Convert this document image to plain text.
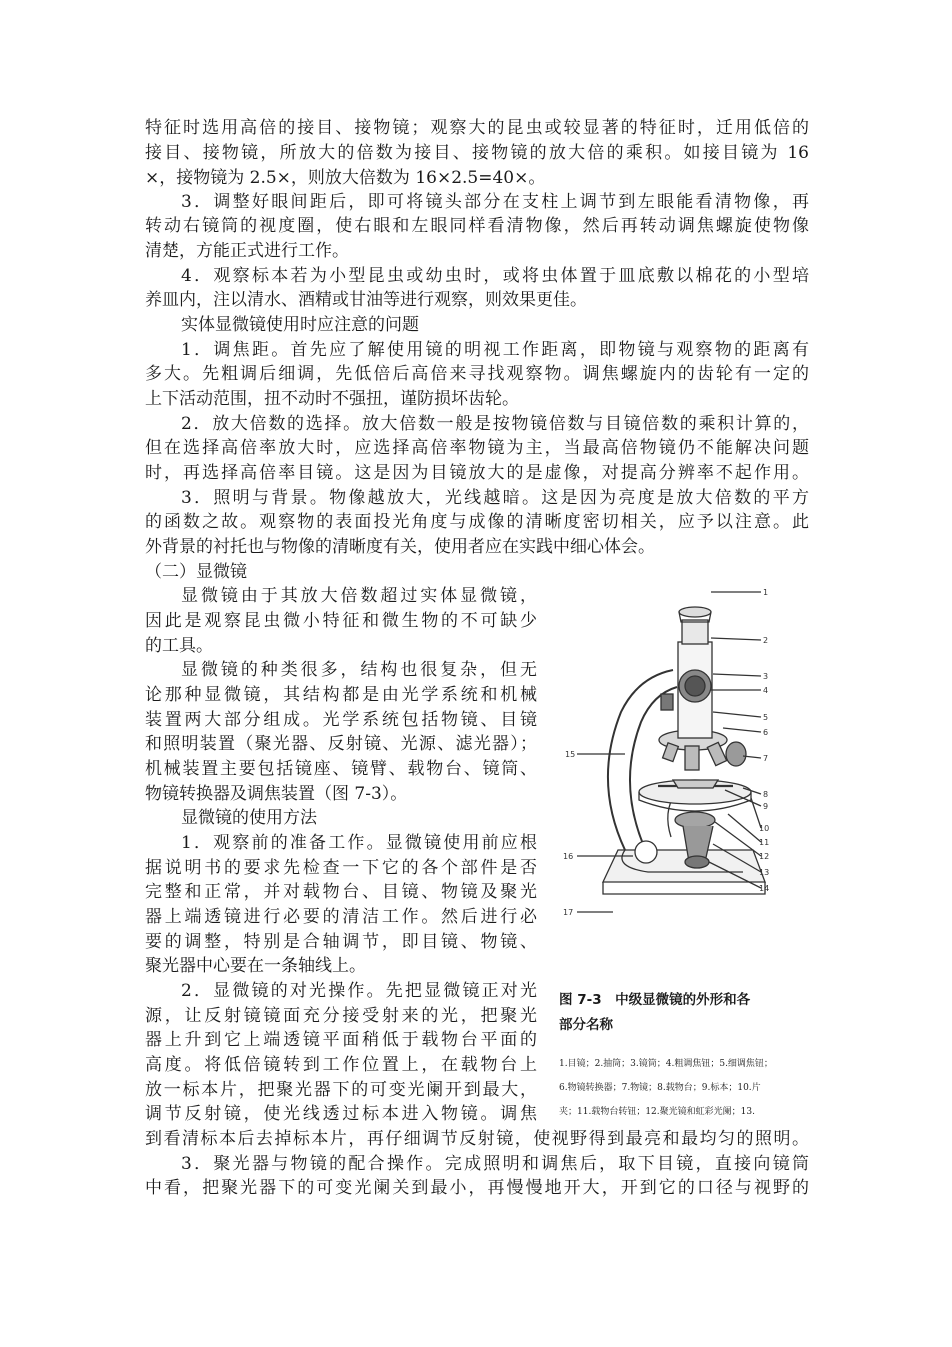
特征时选用高倍的接目、接物镜；观察大的昆虫或较显著的特征时，迁用低倍的
接目、接物镜，所放大的倍数为接目、接物镜的放大倍的乘积。如接目镜为 16
×，接物镜为 2.5×，则放大倍数为 16×2.5=40×。
3．调整好眼间距后，即可将镜头部分在支柱上调节到左眼能看清物像，再
转动右镜筒的视度圈，使右眼和左眼同样看清物像，然后再转动调焦螺旋使物像
清楚，方能正式进行工作。
4．观察标本若为小型昆虫或幼虫时，或将虫体置于皿底敷以棉花的小型培
养皿内，注以清水、酒精或甘油等进行观察，则效果更佳。
实体显微镜使用时应注意的问题
1．调焦距。首先应了解使用镜的明视工作距离，即物镜与观察物的距离有
多大。先粗调后细调，先低倍后高倍来寻找观察物。调焦螺旋内的齿轮有一定的
上下活动范围，扭不动时不强扭，谨防损坏齿轮。
2．放大倍数的选择。放大倍数一般是按物镜倍数与目镜倍数的乘积计算的，
但在选择高倍率放大时，应选择高倍率物镜为主，当最高倍物镜仍不能解决问题
时，再选择高倍率目镜。这是因为目镜放大的是虚像，对提高分辨率不起作用。
3．照明与背景。物像越放大，光线越暗。这是因为亮度是放大倍数的平方
的函数之故。观察物的表面投光角度与成像的清晰度密切相关，应予以注意。此
外背景的衬托也与物像的清晰度有关，使用者应在实践中细心体会。
（二）显微镜
显微镜由于其放大倍数超过实体显微镜，
因此是观察昆虫微小特征和微生物的不可缺少
的工具。
显微镜的种类很多，结构也很复杂，但无
论那种显微镜，其结构都是由光学系统和机械
装置两大部分组成。光学系统包括物镜、目镜
和照明装置（聚光器、反射镜、光源、滤光器）；
机械装置主要包括镜座、镜臂、载物台、镜筒、
物镜转换器及调焦装置（图 7-3）。
显微镜的使用方法
1．观察前的准备工作。显微镜使用前应根
据说明书的要求先检查一下它的各个部件是否
完整和正常，并对载物台、目镜、物镜及聚光
器上端透镜进行必要的清洁工作。然后进行必
要的调整，特别是合轴调节，即目镜、物镜、
聚光器中心要在一条轴线上。
2．显微镜的对光操作。先把显微镜正对光
源，让反射镜镜面充分接受射来的光，把聚光
器上升到它上端透镜平面稍低于载物台平面的
高度。将低倍镜转到工作位置上，在载物台上
放一标本片，把聚光器下的可变光阑开到最大，
调节反射镜，使光线透过标本进入物镜。调焦
到看清标本后去掉标本片，再仔细调节反射镜，使视野得到最亮和最均匀的照明。
3．聚光器与物镜的配合操作。完成照明和调焦后，取下目镜，直接向镜筒
中看，把聚光器下的可变光阑关到最小，再慢慢地开大，开到它的口径与视野的
1
2
3
4
5
6
7
8
9
10
11
12
13
14
15
16
17
图 7-3　中级显微镜的外形和各
部分名称
1.目镜；2.抽筒；3.镜筒；4.粗调焦钮；5.细调焦钮；
6.物镜转换器；7.物镜；8.载物台；9.标本；10.片
夹；11.载物台转钮；12.聚光镜和虹彩光阑；13.
